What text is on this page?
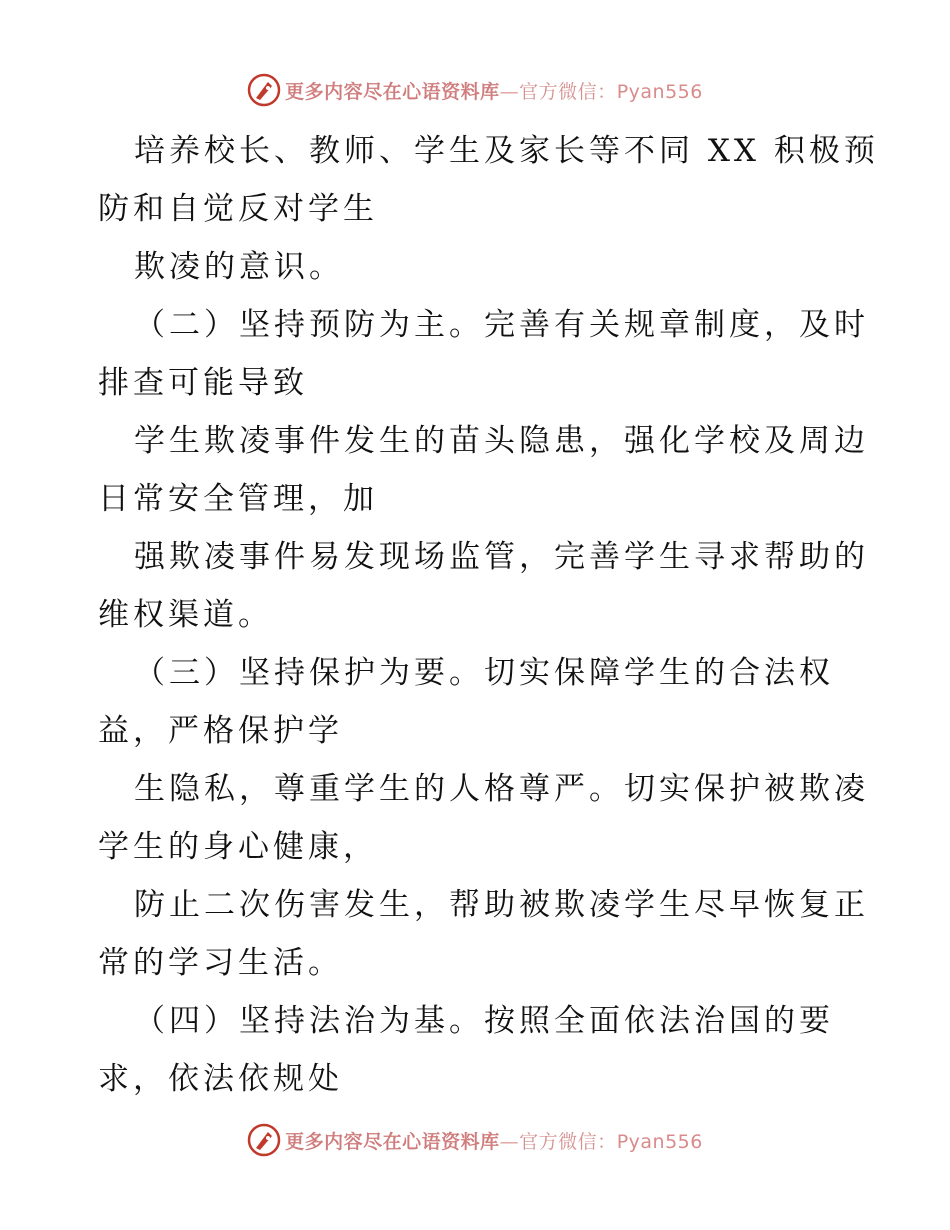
更多内容尽在心语资料库—官方微信：Pyan556
培养校长、教师、学生及家长等不同 XX 积极预
防和自觉反对学生
欺凌的意识。
（二）坚持预防为主。完善有关规章制度，及时
排查可能导致
学生欺凌事件发生的苗头隐患，强化学校及周边
日常安全管理，加
强欺凌事件易发现场监管，完善学生寻求帮助的
维权渠道。
（三）坚持保护为要。切实保障学生的合法权
益，严格保护学
生隐私，尊重学生的人格尊严。切实保护被欺凌
学生的身心健康，
防止二次伤害发生，帮助被欺凌学生尽早恢复正
常的学习生活。
（四）坚持法治为基。按照全面依法治国的要
求，依法依规处
更多内容尽在心语资料库—官方微信：Pyan556
